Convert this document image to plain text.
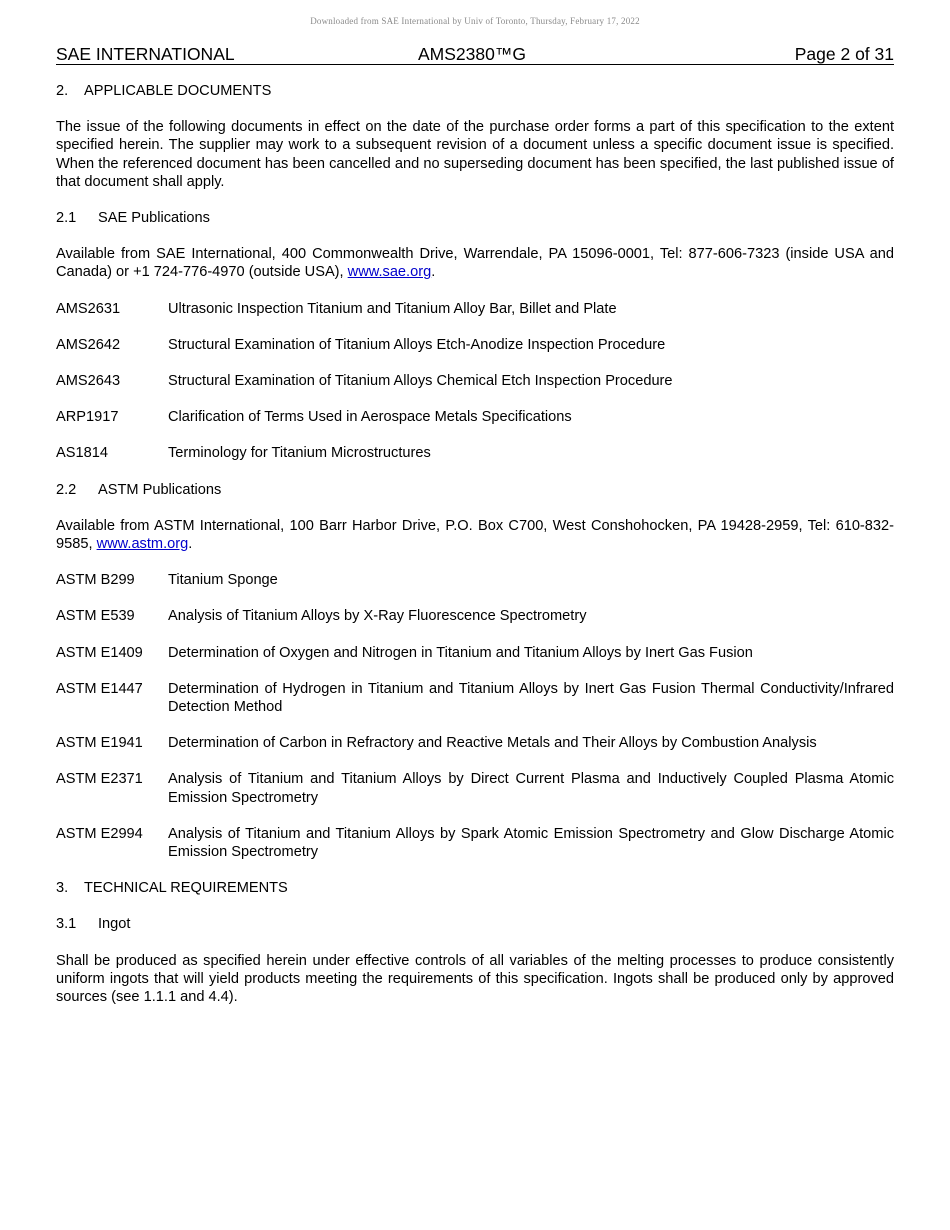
Downloaded from SAE International by Univ of Toronto, Thursday, February 17, 2022
SAE INTERNATIONAL	AMS2380™G	Page 2 of 31
2.	APPLICABLE DOCUMENTS

The issue of the following documents in effect on the date of the purchase order forms a part of this specification to the extent specified herein. The supplier may work to a subsequent revision of a document unless a specific document issue is specified. When the referenced document has been cancelled and no superseding document has been specified, the last published issue of that document shall apply.

2.1	SAE Publications

Available from SAE International, 400 Commonwealth Drive, Warrendale, PA 15096-0001, Tel: 877-606-7323 (inside USA and Canada) or +1 724-776-4970 (outside USA), www.sae.org.

AMS2631	Ultrasonic Inspection Titanium and Titanium Alloy Bar, Billet and Plate
AMS2642	Structural Examination of Titanium Alloys Etch-Anodize Inspection Procedure
AMS2643	Structural Examination of Titanium Alloys Chemical Etch Inspection Procedure
ARP1917	Clarification of Terms Used in Aerospace Metals Specifications
AS1814	Terminology for Titanium Microstructures
2.2	ASTM Publications

Available from ASTM International, 100 Barr Harbor Drive, P.O. Box C700, West Conshohocken, PA 19428-2959, Tel: 610-832-9585, www.astm.org.

ASTM B299	Titanium Sponge
ASTM E539	Analysis of Titanium Alloys by X-Ray Fluorescence Spectrometry
ASTM E1409	Determination of Oxygen and Nitrogen in Titanium and Titanium Alloys by Inert Gas Fusion
ASTM E1447	Determination of Hydrogen in Titanium and Titanium Alloys by Inert Gas Fusion Thermal Conductivity/Infrared Detection Method
ASTM E1941	Determination of Carbon in Refractory and Reactive Metals and Their Alloys by Combustion Analysis
ASTM E2371	Analysis of Titanium and Titanium Alloys by Direct Current Plasma and Inductively Coupled Plasma Atomic Emission Spectrometry
ASTM E2994	Analysis of Titanium and Titanium Alloys by Spark Atomic Emission Spectrometry and Glow Discharge Atomic Emission Spectrometry
3.	TECHNICAL REQUIREMENTS
3.1	Ingot

Shall be produced as specified herein under effective controls of all variables of the melting processes to produce consistently uniform ingots that will yield products meeting the requirements of this specification. Ingots shall be produced only by approved sources (see 1.1.1 and 4.4).
